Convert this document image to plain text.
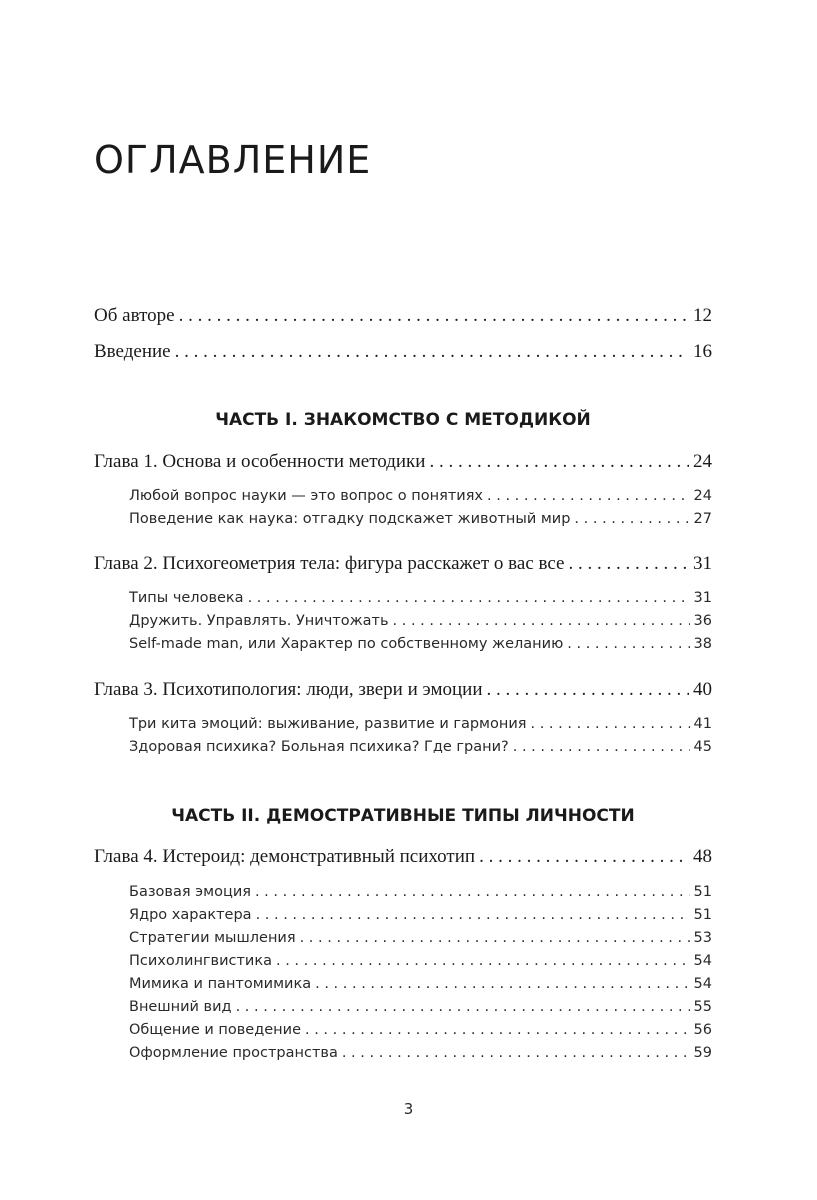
ОГЛАВЛЕНИЕ
Об авторе . . .	12
Введение . . .	16
ЧАСТЬ I. ЗНАКОМСТВО С МЕТОДИКОЙ
Глава 1. Основа и особенности методики . . .	24
Любой вопрос науки — это вопрос о понятиях . . .	24
Поведение как наука: отгадку подскажет животный мир . . .	27
Глава 2. Психогеометрия тела: фигура расскажет о вас все . . .	31
Типы человека . . .	31
Дружить. Управлять. Уничтожать . . .	36
Self-made man, или Характер по собственному желанию . . .	38
Глава 3. Психотипология: люди, звери и эмоции . . .	40
Три кита эмоций: выживание, развитие и гармония . . .	41
Здоровая психика? Больная психика? Где грани? . . .	45
ЧАСТЬ II. ДЕМОСТРАТИВНЫЕ ТИПЫ ЛИЧНОСТИ
Глава 4. Истероид: демонстративный психотип . . .	48
Базовая эмоция . . .	51
Ядро характера . . .	51
Стратегии мышления . . .	53
Психолингвистика . . .	54
Мимика и пантомимика . . .	54
Внешний вид . . .	55
Общение и поведение . . .	56
Оформление пространства . . .	59
3
